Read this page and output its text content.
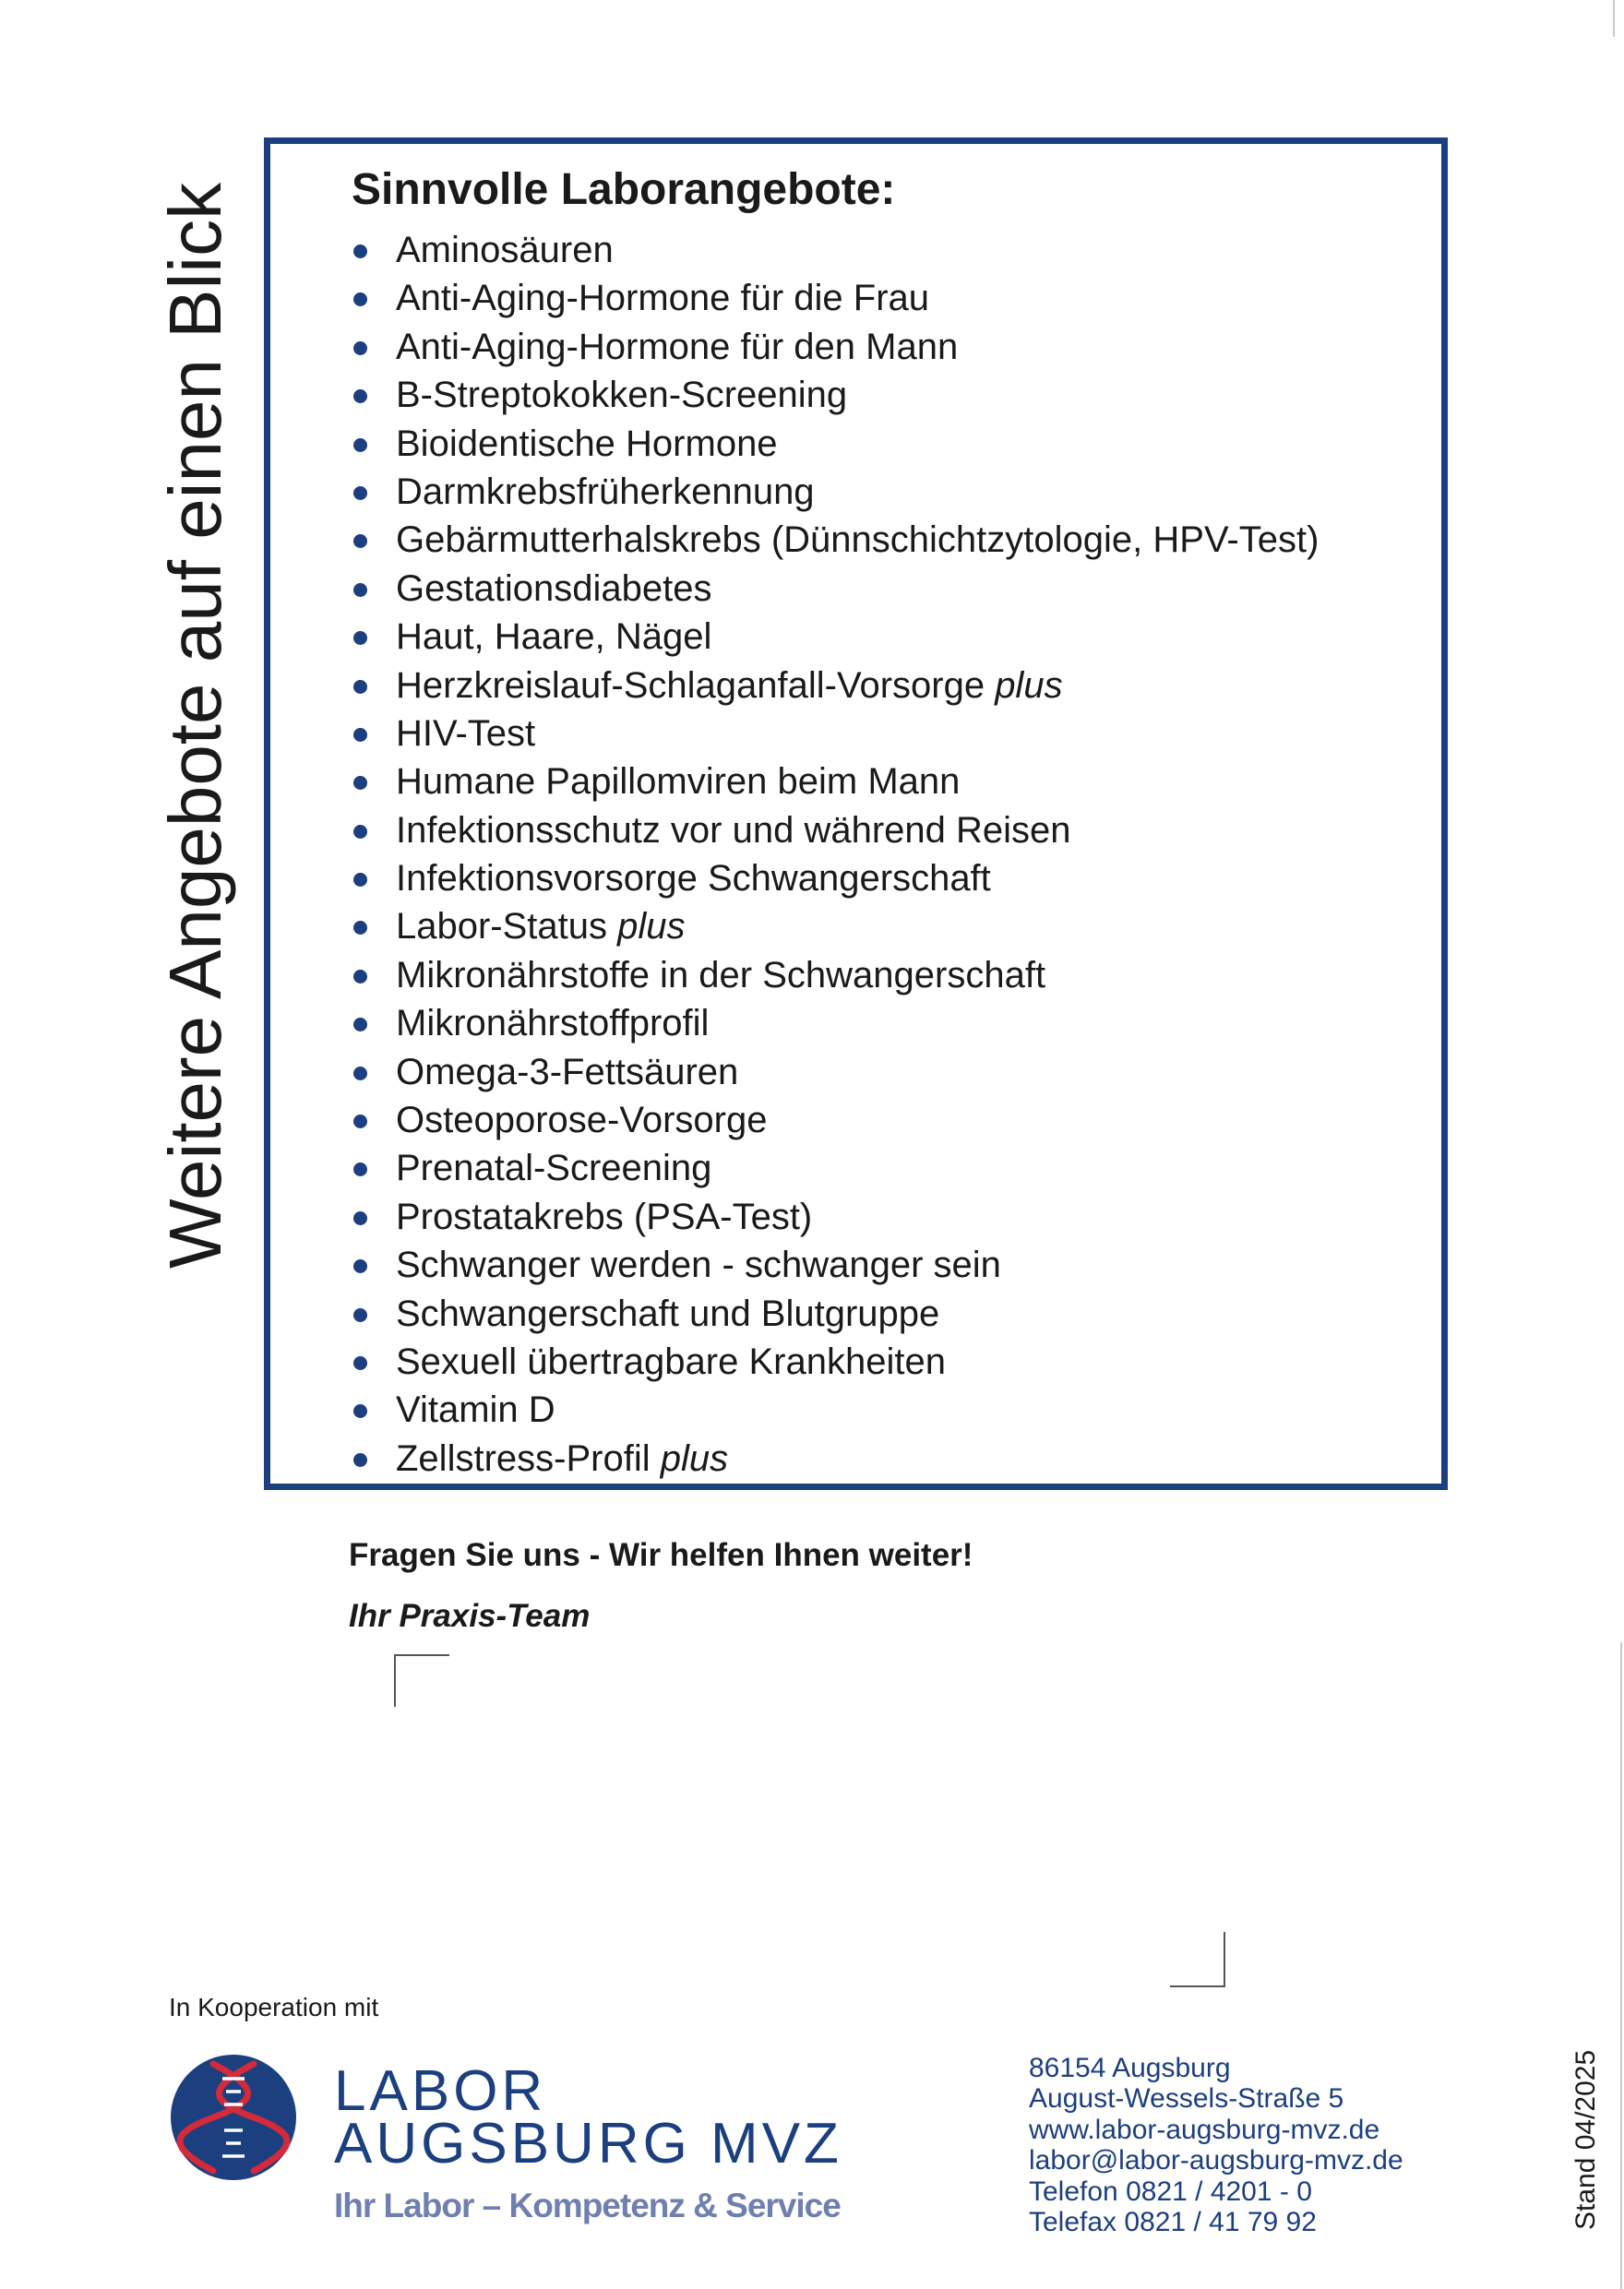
Weitere Angebote auf einen Blick	Sinnvolle Laborangebote:
Aminosäuren
Anti-Aging-Hormone für die Frau
Anti-Aging-Hormone für den Mann
B-Streptokokken-Screening
Bioidentische Hormone
Darmkrebsfrüherkennung
Gebärmutterhalskrebs (Dünnschichtzytologie, HPV-Test)
Gestationsdiabetes
Haut, Haare, Nägel
Herzkreislauf-Schlaganfall-Vorsorge plus
HIV-Test
Humane Papillomviren beim Mann
Infektionsschutz vor und während Reisen
Infektionsvorsorge Schwangerschaft
Labor-Status plus
Mikronährstoffe in der Schwangerschaft
Mikronährstoffprofil
Omega-3-Fettsäuren
Osteoporose-Vorsorge
Prenatal-Screening
Prostatakrebs (PSA-Test)
Schwanger werden - schwanger sein
Schwangerschaft und Blutgruppe
Sexuell übertragbare Krankheiten
Vitamin D
Zellstress-Profil plus
Fragen Sie uns - Wir helfen Ihnen weiter!
Ihr Praxis-Team
In Kooperation mit
LABOR
AUGSBURG MVZ
Ihr Labor – Kompetenz & Service
86154 Augsburg
August-Wessels-Straße 5
www.labor-augsburg-mvz.de
labor@labor-augsburg-mvz.de
Telefon 0821 / 4201 - 0
Telefax 0821 / 41 79 92	Stand 04/2025
